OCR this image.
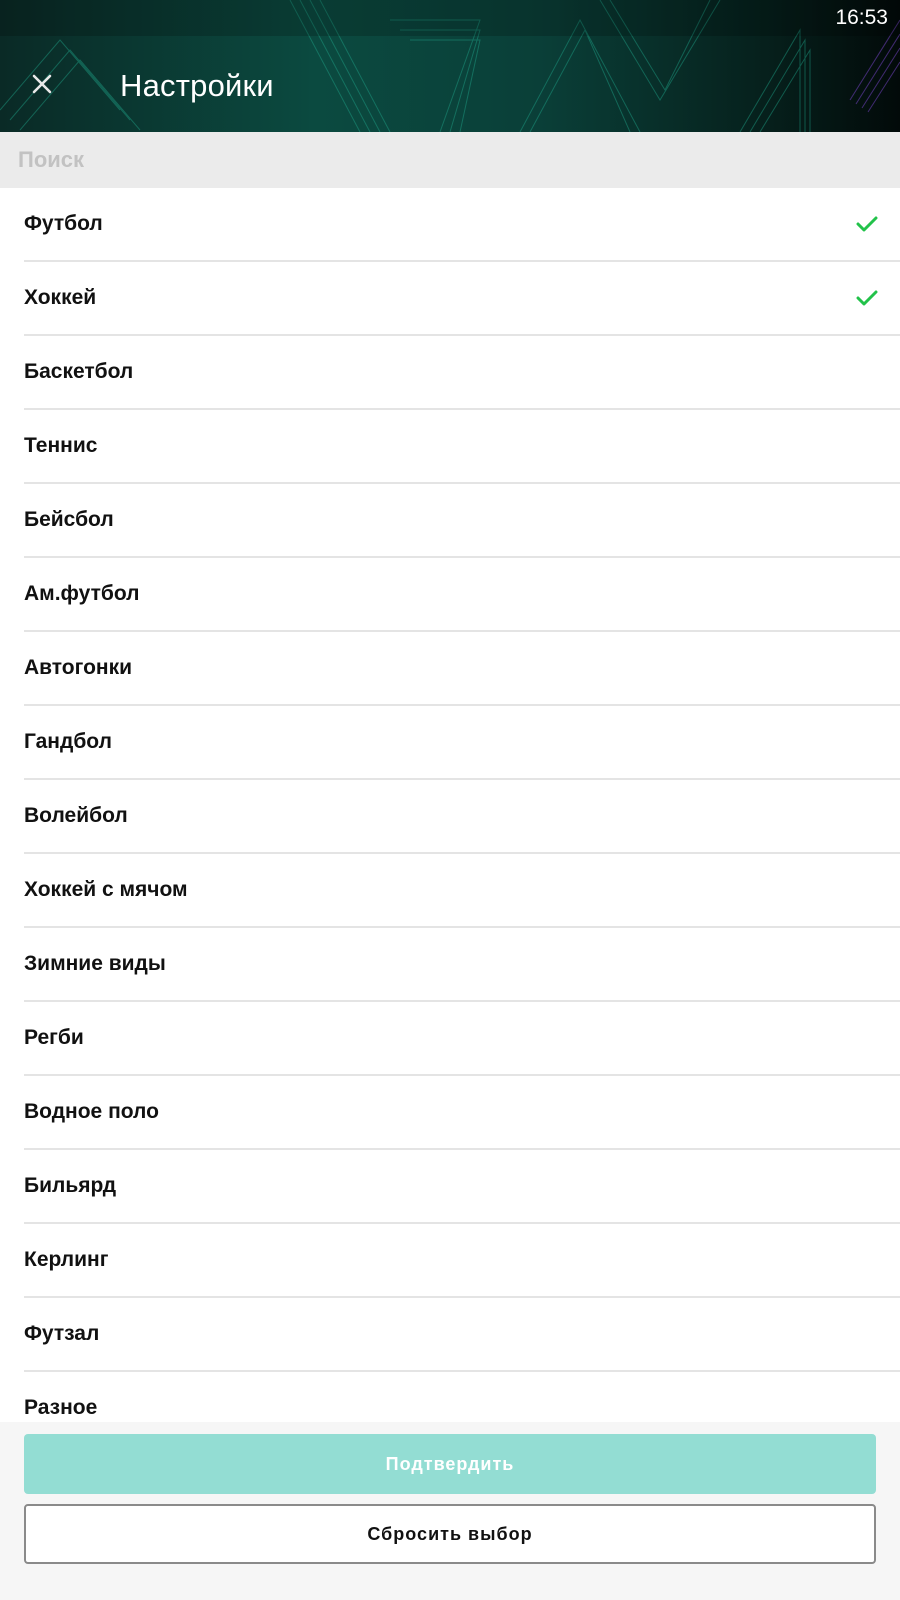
16:53
Настройки
Поиск
Футбол
Хоккей
Баскетбол
Теннис
Бейсбол
Ам.футбол
Автогонки
Гандбол
Волейбол
Хоккей с мячом
Зимние виды
Регби
Водное поло
Бильярд
Керлинг
Футзал
Разное
Подтвердить
Сбросить выбор
